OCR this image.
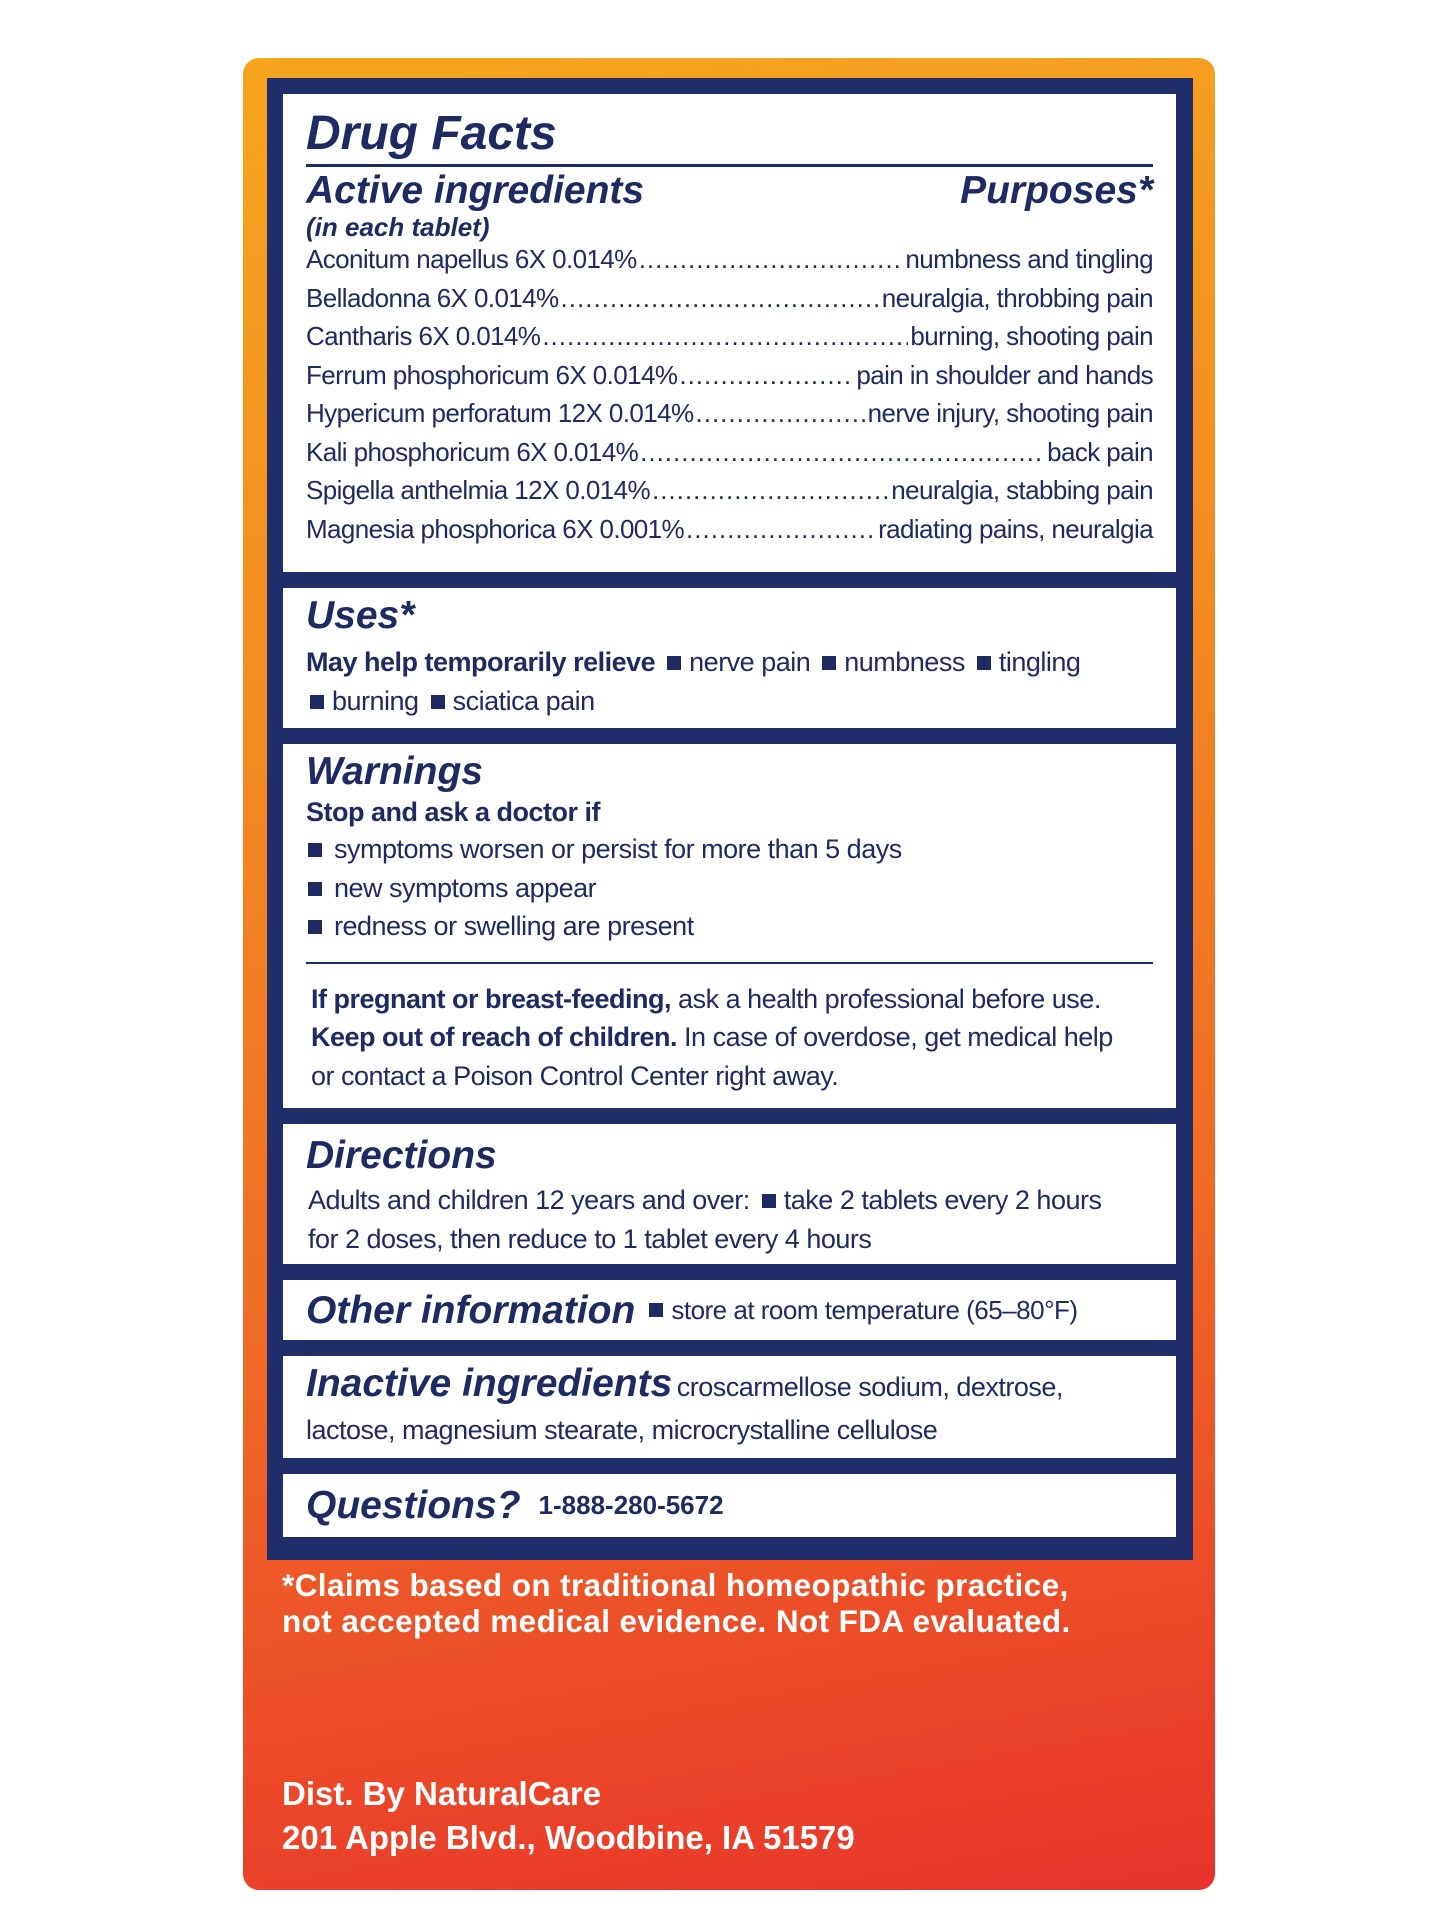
Drug Facts
Active ingredients	Purposes*
(in each tablet)
Aconitum napellus 6X 0.014% .....	numbness and tingling
Belladonna 6X 0.014% .....	neuralgia, throbbing pain
Cantharis 6X 0.014% .....	burning, shooting pain
Ferrum phosphoricum 6X 0.014% .....	pain in shoulder and hands
Hypericum perforatum 12X 0.014% .....	nerve injury, shooting pain
Kali phosphoricum 6X 0.014% .....	back pain
Spigella anthelmia 12X 0.014% .....	neuralgia, stabbing pain
Magnesia phosphorica 6X 0.001% .....	radiating pains, neuralgia
Uses*
May help temporarily relieve nerve pain numbness tingling
burning sciatica pain
Warnings
Stop and ask a doctor if
symptoms worsen or persist for more than 5 days
new symptoms appear
redness or swelling are present
If pregnant or breast-feeding, ask a health professional before use.
Keep out of reach of children. In case of overdose, get medical help
or contact a Poison Control Center right away.
Directions
Adults and children 12 years and over: take 2 tablets every 2 hours
for 2 doses, then reduce to 1 tablet every 4 hours
Other information store at room temperature (65–80°F)
Inactive ingredients croscarmellose sodium, dextrose,
lactose, magnesium stearate, microcrystalline cellulose
Questions? 1-888-280-5672
*Claims based on traditional homeopathic practice,
not accepted medical evidence. Not FDA evaluated.
Dist. By NaturalCare
201 Apple Blvd., Woodbine, IA 51579
